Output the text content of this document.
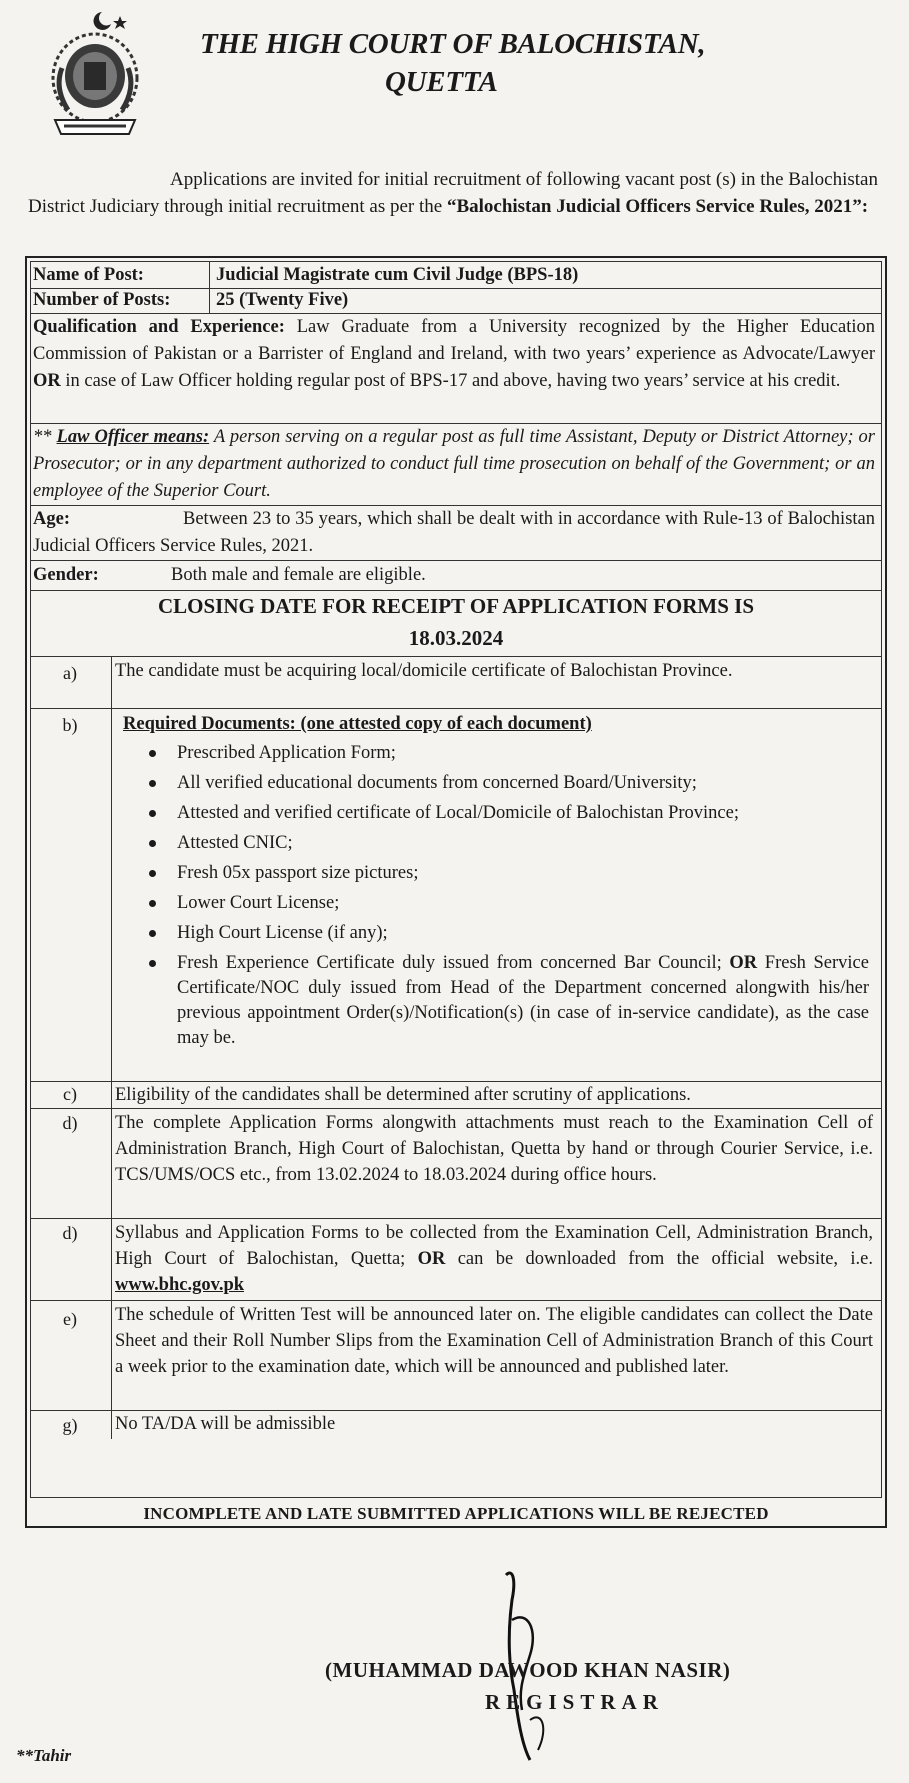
THE HIGH COURT OF BALOCHISTAN,
QUETTA
Applications are invited for initial recruitment of following vacant post (s) in the Balochistan District Judiciary through initial recruitment as per the “Balochistan Judicial Officers Service Rules, 2021”:
Name of Post:	Judicial Magistrate cum Civil Judge (BPS-18)
Number of Posts: 25 (Twenty Five)
Qualification and Experience: Law Graduate from a University recognized by the Higher Education Commission of Pakistan or a Barrister of England and Ireland, with two years’ experience as Advocate/Lawyer OR in case of Law Officer holding regular post of BPS-17 and above, having two years’ service at his credit.
** Law Officer means: A person serving on a regular post as full time Assistant, Deputy or District Attorney; or Prosecutor; or in any department authorized to conduct full time prosecution on behalf of the Government; or an employee of the Superior Court.
Age:	Between 23 to 35 years, which shall be dealt with in accordance with Rule-13 of Balochistan Judicial Officers Service Rules, 2021.
Gender:	Both male and female are eligible.
CLOSING DATE FOR RECEIPT OF APPLICATION FORMS IS
18.03.2024
a)	The candidate must be acquiring local/domicile certificate of Balochistan Province.
b)	Required Documents: (one attested copy of each document)
Prescribed Application Form;
All verified educational documents from concerned Board/University;
Attested and verified certificate of Local/Domicile of Balochistan Province;
Attested CNIC;
Fresh 05x passport size pictures;
Lower Court License;
High Court License (if any);
Fresh Experience Certificate duly issued from concerned Bar Council; OR Fresh Service Certificate/NOC duly issued from Head of the Department concerned alongwith his/her previous appointment Order(s)/Notification(s) (in case of in-service candidate), as the case may be.
c)	Eligibility of the candidates shall be determined after scrutiny of applications.
d)	The complete Application Forms alongwith attachments must reach to the Examination Cell of Administration Branch, High Court of Balochistan, Quetta by hand or through Courier Service, i.e. TCS/UMS/OCS etc., from 13.02.2024 to 18.03.2024 during office hours.
d)	Syllabus and Application Forms to be collected from the Examination Cell, Administration Branch, High Court of Balochistan, Quetta; OR can be downloaded from the official website, i.e. www.bhc.gov.pk
e)	The schedule of Written Test will be announced later on. The eligible candidates can collect the Date Sheet and their Roll Number Slips from the Examination Cell of Administration Branch of this Court a week prior to the examination date, which will be announced and published later.
g)	No TA/DA will be admissible
INCOMPLETE AND LATE SUBMITTED APPLICATIONS WILL BE REJECTED
(MUHAMMAD DAWOOD KHAN NASIR)
REGISTRAR
**Tahir
